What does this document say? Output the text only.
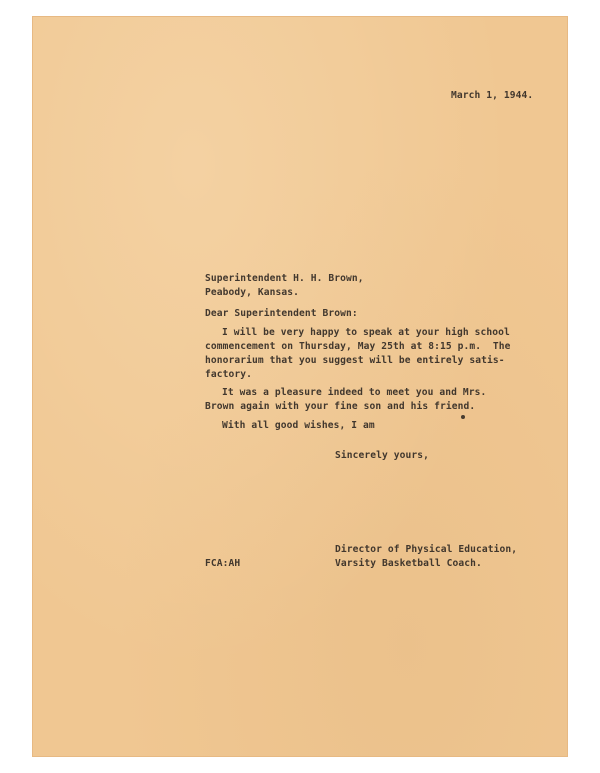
March 1, 1944.
Superintendent H. H. Brown,
Peabody, Kansas.
Dear Superintendent Brown:
I will be very happy to speak at your high school
commencement on Thursday, May 25th at 8:15 p.m.  The
honorarium that you suggest will be entirely satis-
factory.
It was a pleasure indeed to meet you and Mrs.
Brown again with your fine son and his friend.
With all good wishes, I am
Sincerely yours,
Director of Physical Education,
Varsity Basketball Coach.
FCA:AH
